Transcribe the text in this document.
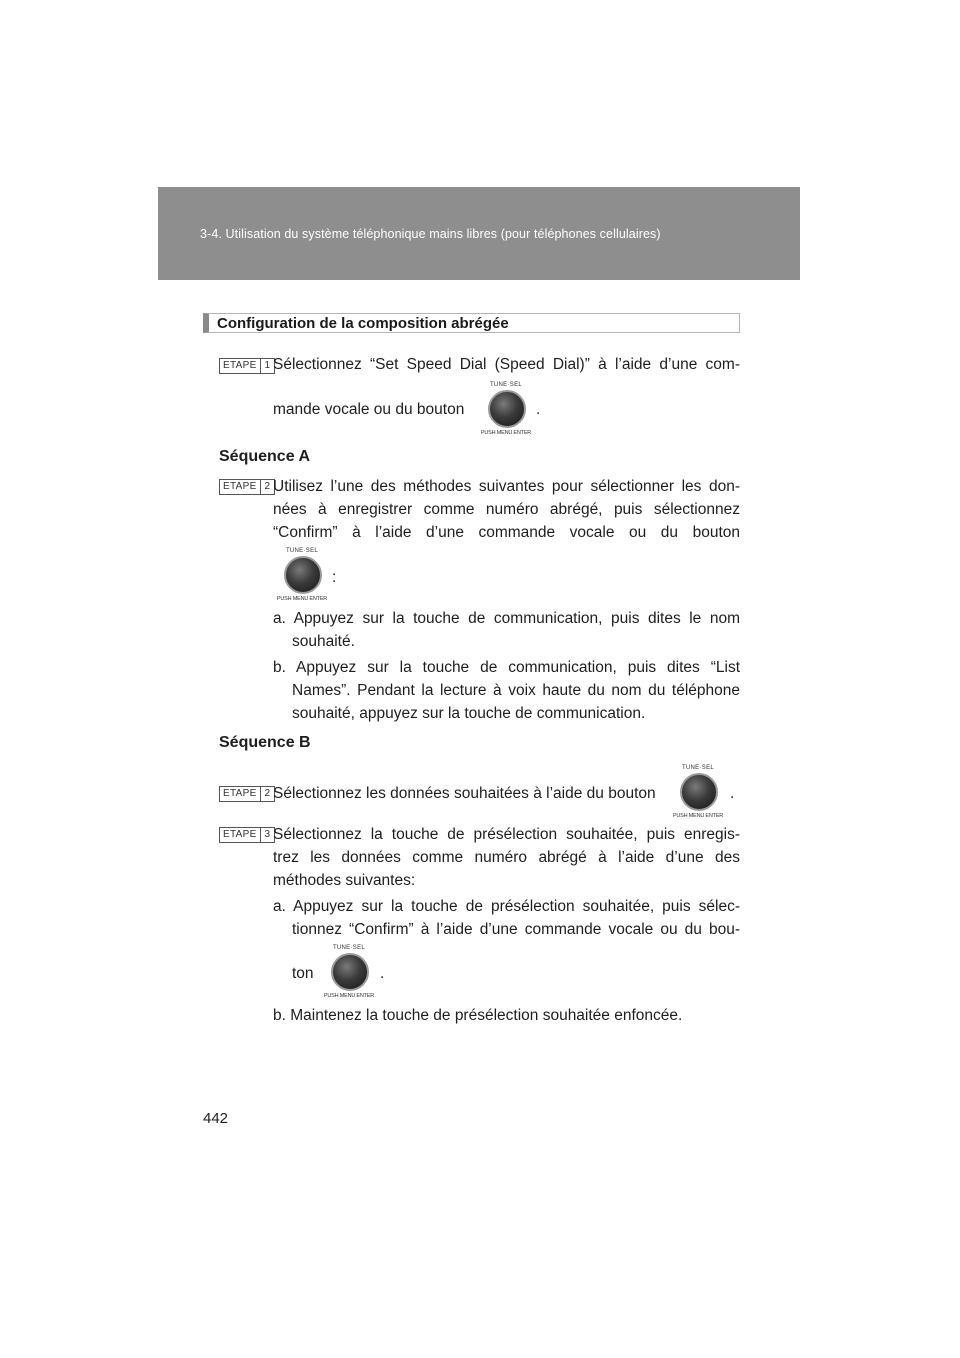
3-4. Utilisation du système téléphonique mains libres (pour téléphones cellulaires)
Configuration de la composition abrégée
ETAPE 1 Sélectionnez “Set Speed Dial (Speed Dial)” à l’aide d’une com-
mande vocale ou du bouton
TUNE·SEL
PUSH MENU ENTER
.
Séquence A
ETAPE 2 Utilisez l’une des méthodes suivantes pour sélectionner les don-
nées à enregistrer comme numéro abrégé, puis sélectionnez
“Confirm” à l’aide d’une commande vocale ou du bouton
TUNE·SEL
PUSH MENU ENTER
:
a. Appuyez sur la touche de communication, puis dites le nom
souhaité.
b. Appuyez sur la touche de communication, puis dites “List
Names”. Pendant la lecture à voix haute du nom du téléphone
souhaité, appuyez sur la touche de communication.
Séquence B
ETAPE 2 Sélectionnez les données souhaitées à l’aide du bouton
TUNE·SEL
PUSH MENU ENTER
.
ETAPE 3 Sélectionnez la touche de présélection souhaitée, puis enregis-
trez les données comme numéro abrégé à l’aide d’une des
méthodes suivantes:
a. Appuyez sur la touche de présélection souhaitée, puis sélec-
tionnez “Confirm” à l’aide d’une commande vocale ou du bou-
ton
TUNE·SEL
PUSH MENU ENTER
.
b. Maintenez la touche de présélection souhaitée enfoncée.
442
